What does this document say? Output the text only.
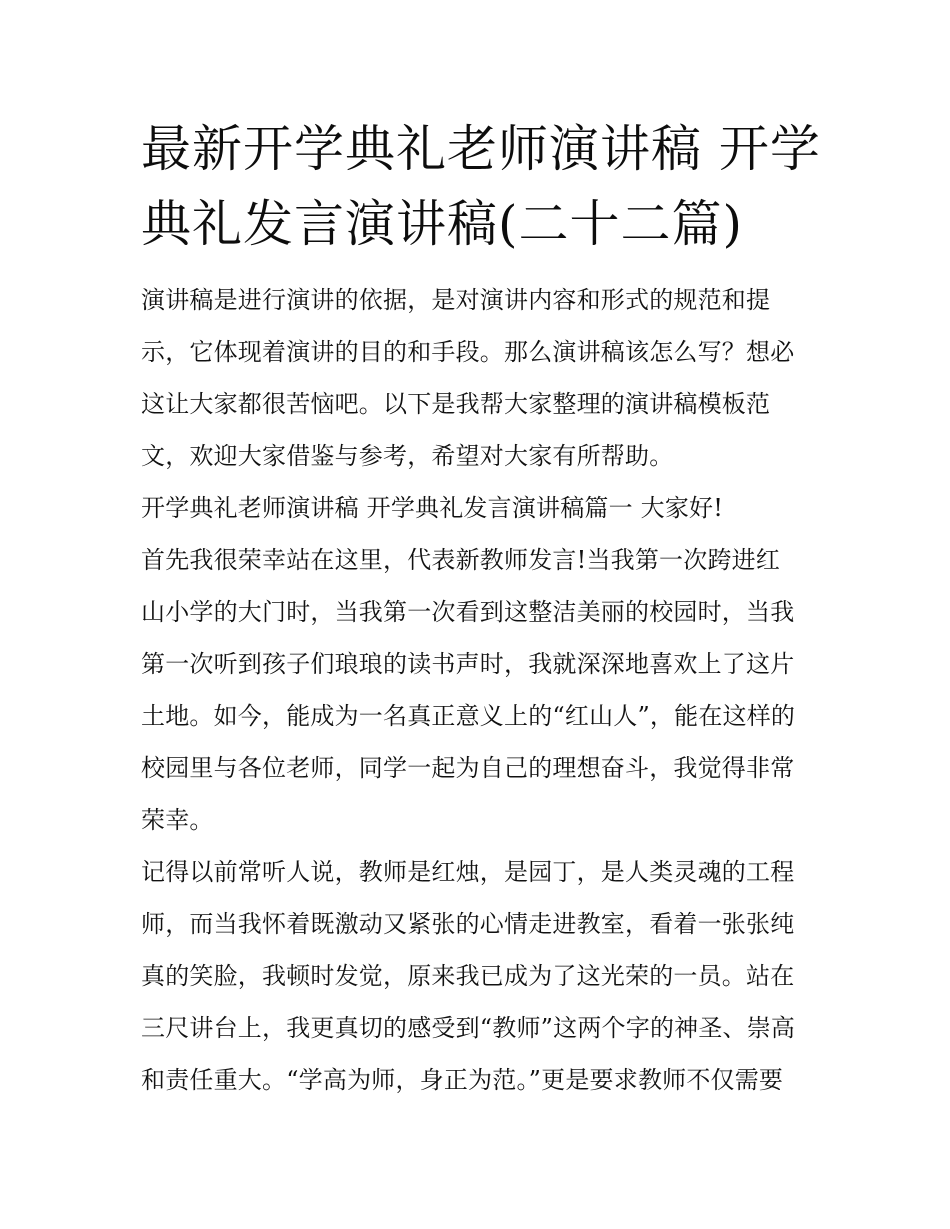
最新开学典礼老师演讲稿 开学
典礼发言演讲稿(二十二篇)
演讲稿是进行演讲的依据，是对演讲内容和形式的规范和提
示，它体现着演讲的目的和手段。那么演讲稿该怎么写？想必
这让大家都很苦恼吧。以下是我帮大家整理的演讲稿模板范
文，欢迎大家借鉴与参考，希望对大家有所帮助。
开学典礼老师演讲稿 开学典礼发言演讲稿篇一 大家好!
首先我很荣幸站在这里，代表新教师发言!当我第一次跨进红
山小学的大门时，当我第一次看到这整洁美丽的校园时，当我
第一次听到孩子们琅琅的读书声时，我就深深地喜欢上了这片
土地。如今，能成为一名真正意义上的“红山人”，能在这样的
校园里与各位老师，同学一起为自己的理想奋斗，我觉得非常
荣幸。
记得以前常听人说，教师是红烛，是园丁，是人类灵魂的工程
师，而当我怀着既激动又紧张的心情走进教室，看着一张张纯
真的笑脸，我顿时发觉，原来我已成为了这光荣的一员。站在
三尺讲台上，我更真切的感受到“教师”这两个字的神圣、崇高
和责任重大。“学高为师，身正为范。”更是要求教师不仅需要
